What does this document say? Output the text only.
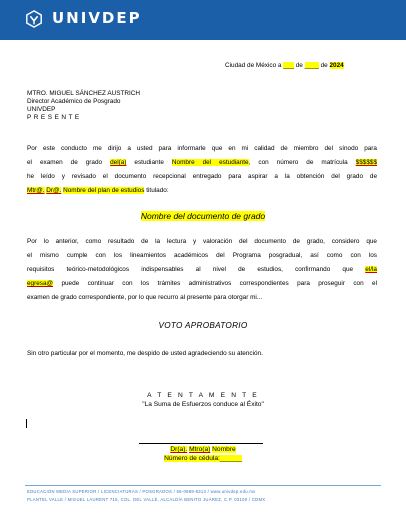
UNIVDEP
Ciudad de México a ___ de ____ de 2024
MTRO. MIGUEL SÁNCHEZ AUSTRICH
Director Académico de Posgrado
UNIVDEP
P R E S E N T E
Por este conducto me dirijo a usted para informarle que en mi calidad de miembro del sínodo para
el examen de grado del(a) estudiante Nombre del estudiante, con número de matrícula $$$$$$
he leído y revisado el documento recepcional entregado para aspirar a la obtención del grado de
Mtr@. Dr@. Nombre del plan de estudios titulado:
Nombre del documento de grado
Por lo anterior, como resultado de la lectura y valoración del documento de grado, considero que
el mismo cumple con los lineamientos académicos del Programa posgradual, así como con los
requisitos teórico-metodológicos indispensables al nivel de estudios, confirmando que el/la
egresa@ puede continuar con los trámites administrativos correspondientes para proseguir con el
examen de grado correspondiente, por lo que recurro al presente para otorgar mi...
VOTO APROBATORIO
Sin otro particular por el momento, me despido de usted agradeciendo su atención.
A T E N T A M E N T E
"La Suma de Esfuerzos conduce al Éxito"
Dr(a). Mtro(a) Nombre
Número de cédula:______
EDUCACIÓN MEDIA SUPERIOR / LICENCIATURAS / POSGRADOS / 55-0888-8313 / www.univdep.edu.mx
PLANTEL VALLE / MIGUEL LAURENT 715, COL. DEL VALLE, ALCALDÍA BENITO JUÁREZ, C.P. 03100 / CDMX
